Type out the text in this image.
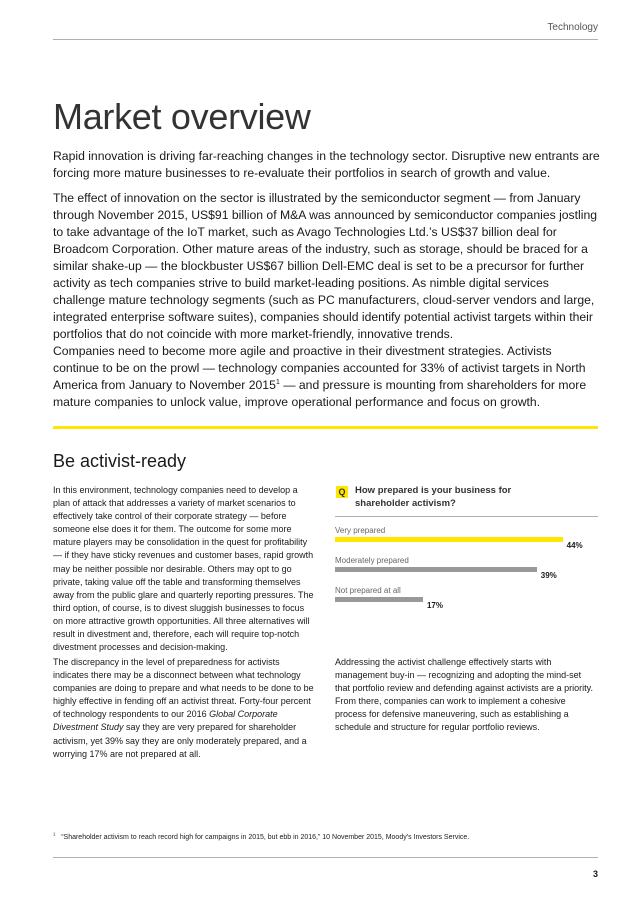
Technology
Market overview

Rapid innovation is driving far-reaching changes in the technology sector. Disruptive new entrants are forcing more mature businesses to re-evaluate their portfolios in search of growth and value.

The effect of innovation on the sector is illustrated by the semiconductor segment — from January through November 2015, US$91 billion of M&A was announced by semiconductor companies jostling to take advantage of the IoT market, such as Avago Technologies Ltd.’s US$37 billion deal for Broadcom Corporation. Other mature areas of the industry, such as storage, should be braced for a similar shake-up — the blockbuster US$67 billion Dell-EMC deal is set to be a precursor for further activity as tech companies strive to build market-leading positions. As nimble digital services challenge mature technology segments (such as PC manufacturers, cloud-server vendors and large, integrated enterprise software suites), companies should identify potential activist targets within their portfolios that do not coincide with more market-friendly, innovative trends.

Companies need to become more agile and proactive in their divestment strategies. Activists continue to be on the prowl — technology companies accounted for 33% of activist targets in North America from January to November 2015$^1$ — and pressure is mounting from shareholders for more mature companies to unlock value, improve operational performance and focus on growth.

Be activist-ready

In this environment, technology companies need to develop a plan of attack that addresses a variety of market scenarios to effectively take control of their corporate strategy — before someone else does it for them. The outcome for some more mature players may be consolidation in the quest for profitability — if they have sticky revenues and customer bases, rapid growth may be neither possible nor desirable. Others may opt to go private, taking value off the table and transforming themselves away from the public glare and quarterly reporting pressures. The third option, of course, is to divest sluggish businesses to focus on more attractive growth opportunities. All three alternatives will result in divestment and, therefore, each will require top-notch divestment processes and decision-making.

The discrepancy in the level of preparedness for activists indicates there may be a disconnect between what technology companies are doing to prepare and what needs to be done to be highly effective in fending off an activist threat. Forty-four percent of technology respondents to our 2016 Global Corporate Divestment Study say they are very prepared for shareholder activism, yet 39% say they are only moderately prepared, and a worrying 17% are not prepared at all.

Addressing the activist challenge effectively starts with management buy-in — recognizing and adopting the mind-set that portfolio review and defending against activists are a priority. From there, companies can work to implement a cohesive process for defensive maneuvering, such as establishing a schedule and structure for regular portfolio reviews.

Q How prepared is your business for shareholder activism?

Very prepared
44%
Moderately prepared
39%
Not prepared at all
17%
$^1$ “Shareholder activism to reach record high for campaigns in 2015, but ebb in 2016,” 10 November 2015, Moody’s Investors Service.
3
